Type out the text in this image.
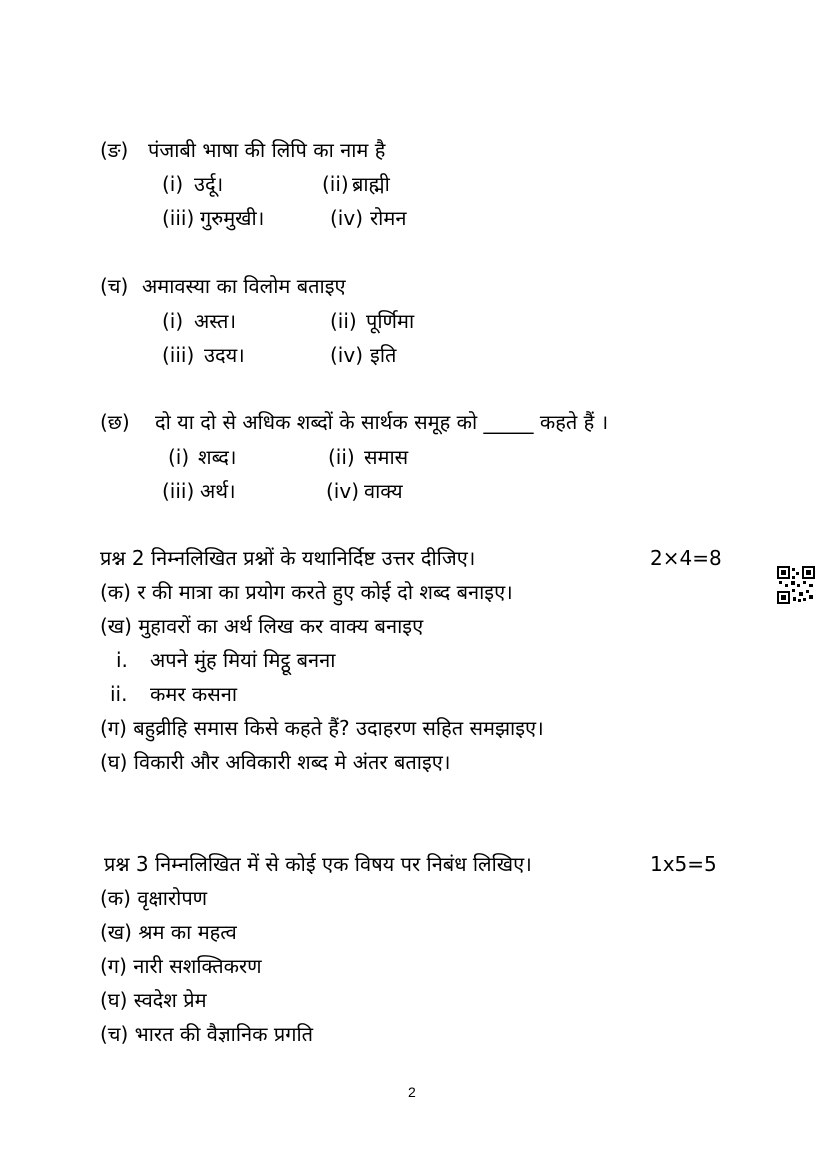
(ङ) पंजाबी भाषा की लिपि का नाम है
(i) उर्दू।	(ii) ब्राह्मी
(iii) गुरुमुखी।	(iv) रोमन
(च) अमावस्या का विलोम बताइए
(i) अस्त।	(ii) पूर्णिमा
(iii) उदय।	(iv) इति
(छ) दो या दो से अधिक शब्दों के सार्थक समूह को _____ कहते हैं ।
(i) शब्द।	(ii) समास
(iii) अर्थ।	(iv) वाक्य
प्रश्न 2 निम्नलिखित प्रश्नों के यथानिर्दिष्ट उत्तर दीजिए।	2×4=8
(क) र की मात्रा का प्रयोग करते हुए कोई दो शब्द बनाइए।
(ख) मुहावरों का अर्थ लिख कर वाक्य बनाइए
i. अपने मुंह मियां मिट्ठू बनना
ii. कमर कसना
(ग) बहुव्रीहि समास किसे कहते हैं? उदाहरण सहित समझाइए।
(घ) विकारी और अविकारी शब्द मे अंतर बताइए।
प्रश्न 3 निम्नलिखित में से कोई एक विषय पर निबंध लिखिए।	1x5=5
(क) वृक्षारोपण
(ख) श्रम का महत्व
(ग) नारी सशक्तिकरण
(घ) स्वदेश प्रेम
(च) भारत की वैज्ञानिक प्रगति
2
